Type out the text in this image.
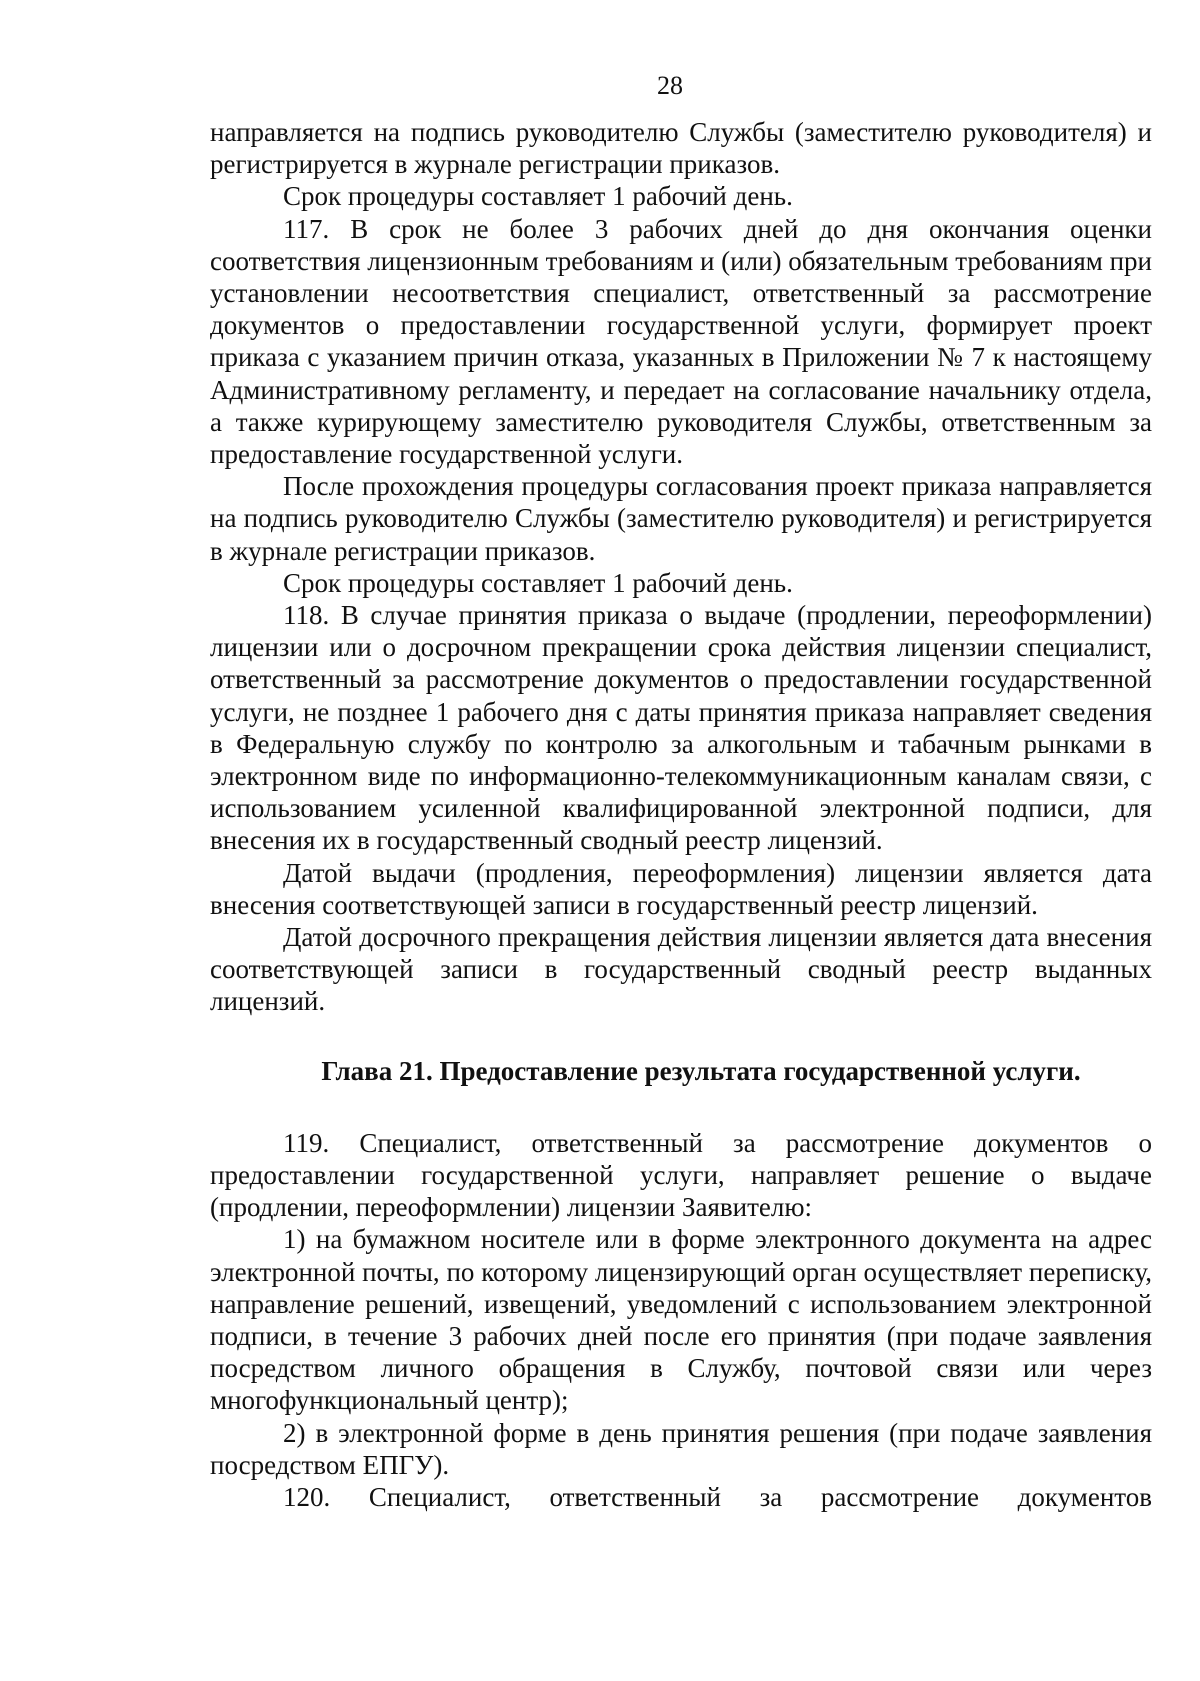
28

направляется на подпись руководителю Службы (заместителю руководителя) и регистрируется в журнале регистрации приказов.

Срок процедуры составляет 1 рабочий день.

117. В срок не более 3 рабочих дней до дня окончания оценки соответствия лицензионным требованиям и (или) обязательным требованиям при установлении несоответствия специалист, ответственный за рассмотрение документов о предоставлении государственной услуги, формирует проект приказа с указанием причин отказа, указанных в Приложении № 7 к настоящему Административному регламенту, и передает на согласование начальнику отдела, а также курирующему заместителю руководителя Службы, ответственным за предоставление государственной услуги.

После прохождения процедуры согласования проект приказа направляется на подпись руководителю Службы (заместителю руководителя) и регистрируется в журнале регистрации приказов.

Срок процедуры составляет 1 рабочий день.

118. В случае принятия приказа о выдаче (продлении, переоформлении) лицензии или о досрочном прекращении срока действия лицензии специалист, ответственный за рассмотрение документов о предоставлении государственной услуги, не позднее 1 рабочего дня с даты принятия приказа направляет сведения в Федеральную службу по контролю за алкогольным и табачным рынками в электронном виде по информационно-телекоммуникационным каналам связи, с использованием усиленной квалифицированной электронной подписи, для внесения их в государственный сводный реестр лицензий.

Датой выдачи (продления, переоформления) лицензии является дата внесения соответствующей записи в государственный реестр лицензий.

Датой досрочного прекращения действия лицензии является дата внесения соответствующей записи в государственный сводный реестр выданных лицензий.

Глава 21. Предоставление результата государственной услуги.

119. Специалист, ответственный за рассмотрение документов о предоставлении государственной услуги, направляет решение о выдаче (продлении, переоформлении) лицензии Заявителю:

1) на бумажном носителе или в форме электронного документа на адрес электронной почты, по которому лицензирующий орган осуществляет переписку, направление решений, извещений, уведомлений с использованием электронной подписи, в течение 3 рабочих дней после его принятия (при подаче заявления посредством личного обращения в Службу, почтовой связи или через многофункциональный центр);

2) в электронной форме в день принятия решения (при подаче заявления посредством ЕПГУ).

120. Специалист, ответственный за рассмотрение документов
